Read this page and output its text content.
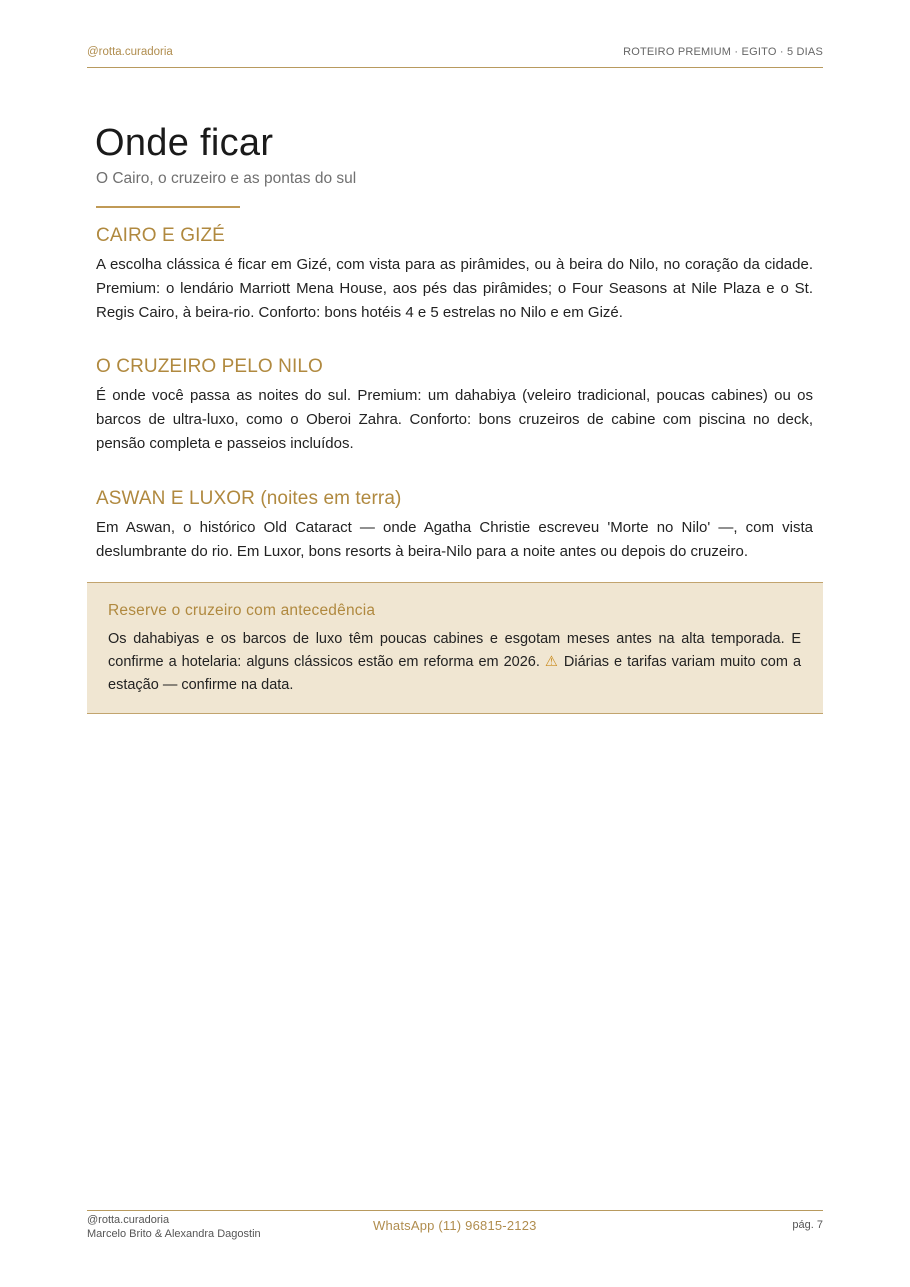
@rotta.curadoria	ROTEIRO PREMIUM · EGITO · 5 DIAS
Onde ficar

O Cairo, o cruzeiro e as pontas do sul

CAIRO E GIZÉ

A escolha clássica é ficar em Gizé, com vista para as pirâmides, ou à beira do Nilo, no coração da cidade. Premium: o lendário Marriott Mena House, aos pés das pirâmides; o Four Seasons at Nile Plaza e o St. Regis Cairo, à beira-rio. Conforto: bons hotéis 4 e 5 estrelas no Nilo e em Gizé.

O CRUZEIRO PELO NILO

É onde você passa as noites do sul. Premium: um dahabiya (veleiro tradicional, poucas cabines) ou os barcos de ultra-luxo, como o Oberoi Zahra. Conforto: bons cruzeiros de cabine com piscina no deck, pensão completa e passeios incluídos.

ASWAN E LUXOR (noites em terra)

Em Aswan, o histórico Old Cataract — onde Agatha Christie escreveu 'Morte no Nilo' —, com vista deslumbrante do rio. Em Luxor, bons resorts à beira-Nilo para a noite antes ou depois do cruzeiro.

Reserve o cruzeiro com antecedência

Os dahabiyas e os barcos de luxo têm poucas cabines e esgotam meses antes na alta temporada. E confirme a hotelaria: alguns clássicos estão em reforma em 2026. ⚠ Diárias e tarifas variam muito com a estação — confirme na data.

@rotta.curadoria
Marcelo Brito & Alexandra Dagostin
WhatsApp (11) 96815-2123	pág. 7
